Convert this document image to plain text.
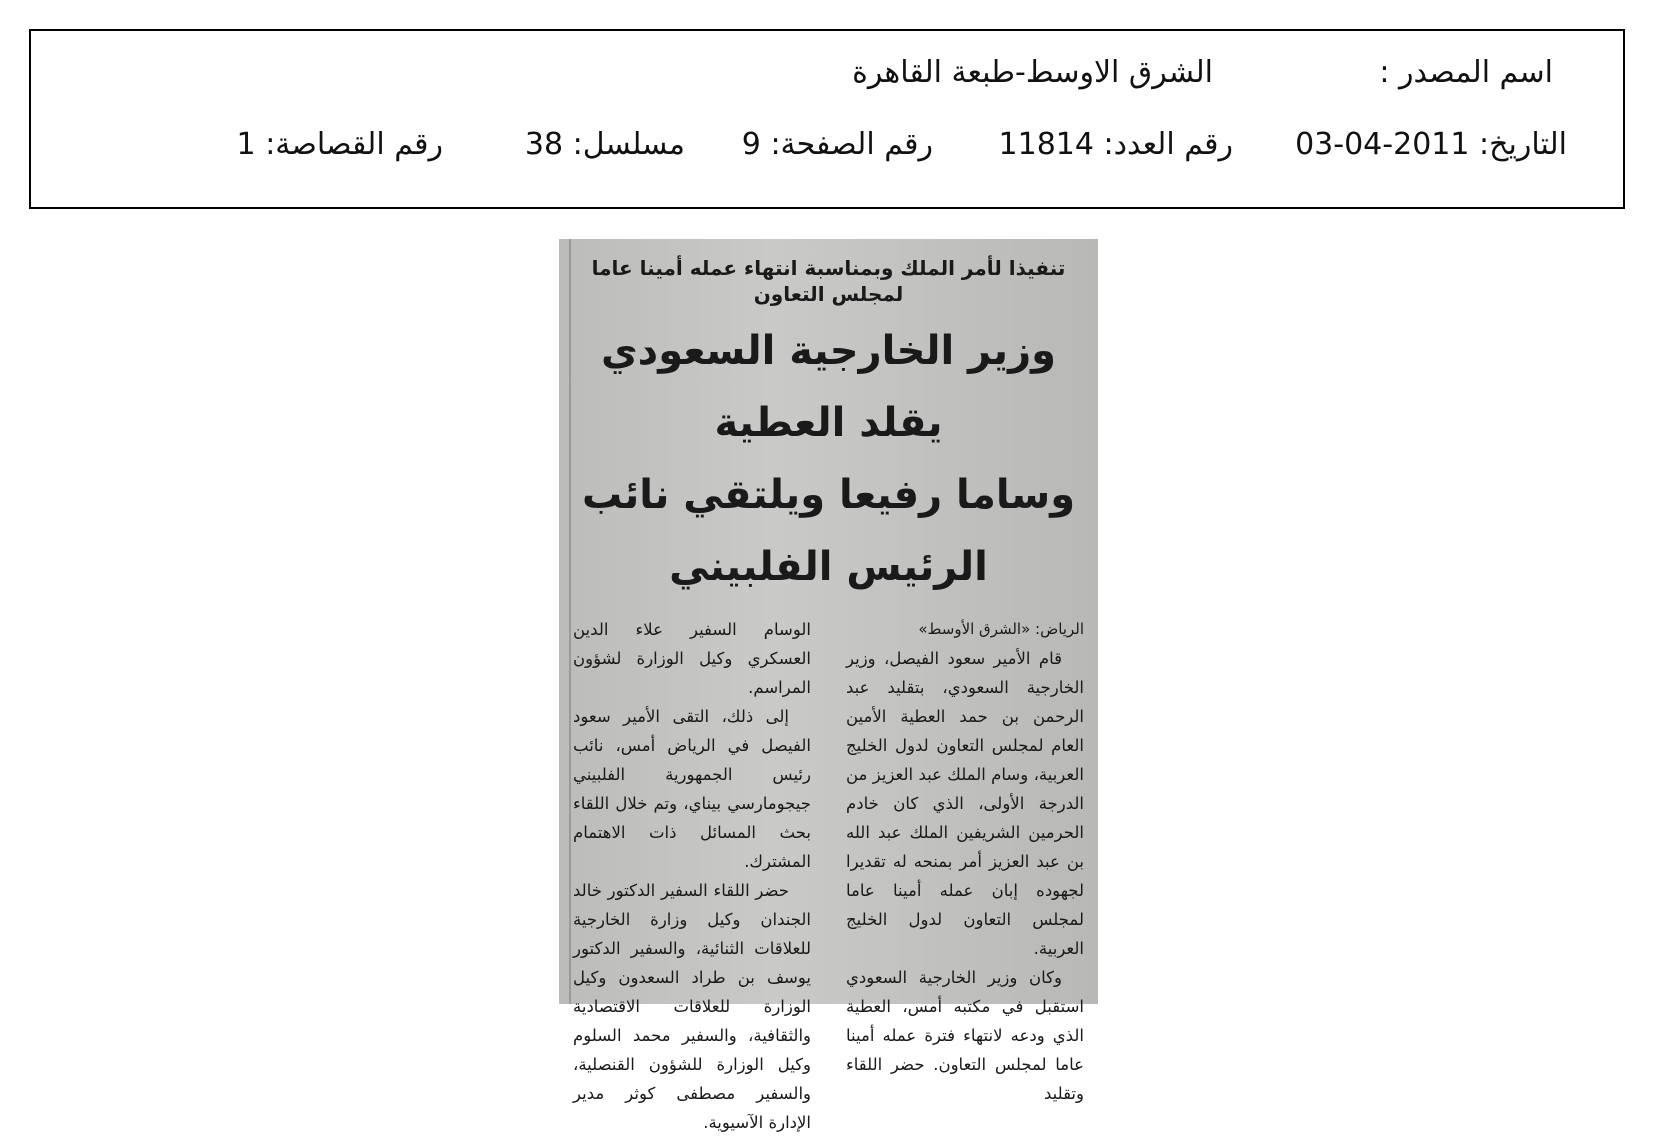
اسم المصدر :
الشرق الاوسط-طبعة القاهرة
التاريخ: 2011-04-03
رقم العدد: 11814
رقم الصفحة: 9
مسلسل: 38
رقم القصاصة: 1
تنفيذا لأمر الملك وبمناسبة انتهاء عمله أمينا عاما لمجلس التعاون
وزير الخارجية السعودي يقلد العطية
وساما رفيعا ويلتقي نائب الرئيس الفلبيني

الرياض: «الشرق الأوسط»

قام الأمير سعود الفيصل، وزير الخارجية السعودي، بتقليد عبد الرحمن بن حمد العطية الأمين العام لمجلس التعاون لدول الخليج العربية، وسام الملك عبد العزيز من الدرجة الأولى، الذي كان خادم الحرمين الشريفين الملك عبد الله بن عبد العزيز أمر بمنحه له تقديرا لجهوده إبان عمله أمينا عاما لمجلس التعاون لدول الخليج العربية.

وكان وزير الخارجية السعودي استقبل في مكتبه أمس، العطية الذي ودعه لانتهاء فترة عمله أمينا عاما لمجلس التعاون. حضر اللقاء وتقليد

الوسام السفير علاء الدين العسكري وكيل الوزارة لشؤون المراسم.

إلى ذلك، التقى الأمير سعود الفيصل في الرياض أمس، نائب رئيس الجمهورية الفلبيني جيجومارسي بيناي، وتم خلال اللقاء بحث المسائل ذات الاهتمام المشترك.

حضر اللقاء السفير الدكتور خالد الجندان وكيل وزارة الخارجية للعلاقات الثنائية، والسفير الدكتور يوسف بن طراد السعدون وكيل الوزارة للعلاقات الاقتصادية والثقافية، والسفير محمد السلوم وكيل الوزارة للشؤون القنصلية، والسفير مصطفى كوثر مدير الإدارة الآسيوية.
